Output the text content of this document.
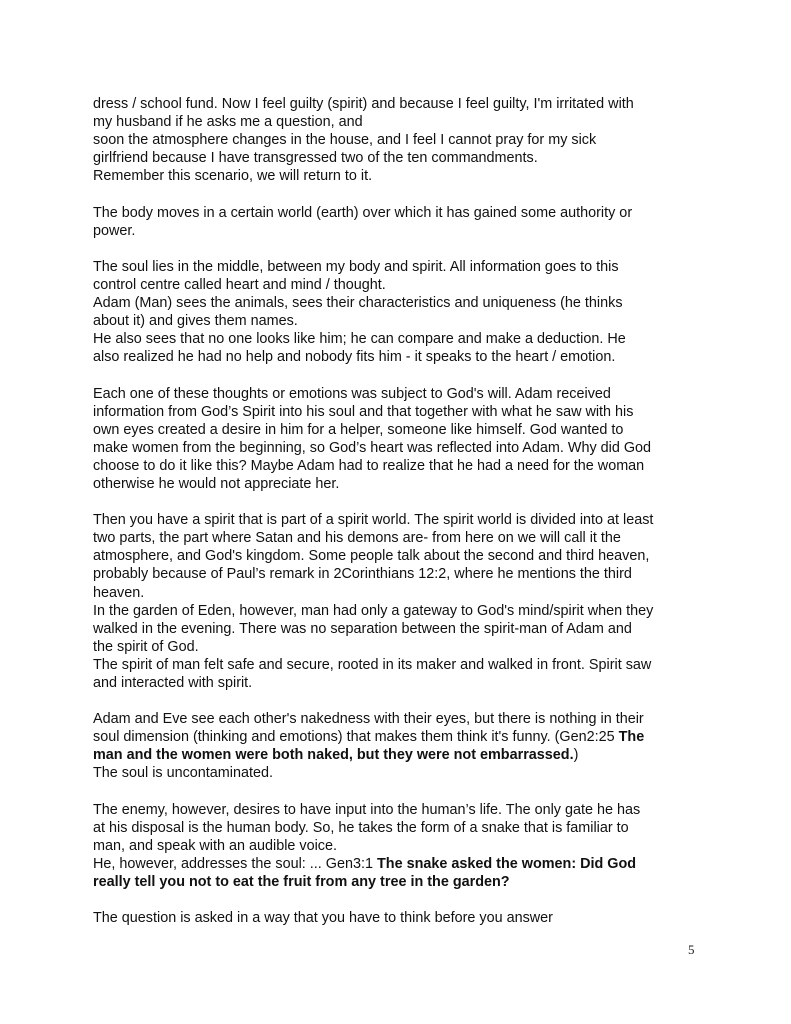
dress / school fund. Now I feel guilty (spirit) and because I feel guilty, I'm irritated with
my husband if he asks me a question, and
soon the atmosphere changes in the house, and I feel I cannot pray for my sick
girlfriend because I have transgressed two of the ten commandments.
Remember this scenario, we will return to it.
The body moves in a certain world (earth) over which it has gained some authority or
power.
The soul lies in the middle, between my body and spirit. All information goes to this
control centre called heart and mind / thought.
Adam (Man) sees the animals, sees their characteristics and uniqueness (he thinks
about it) and gives them names.
He also sees that no one looks like him; he can compare and make a deduction. He
also realized he had no help and nobody fits him - it speaks to the heart / emotion.
Each one of these thoughts or emotions was subject to God's will. Adam received
information from God’s Spirit into his soul and that together with what he saw with his
own eyes created a desire in him for a helper, someone like himself. God wanted to
make women from the beginning, so God’s heart was reflected into Adam. Why did God
choose to do it like this? Maybe Adam had to realize that he had a need for the woman
otherwise he would not appreciate her.
Then you have a spirit that is part of a spirit world. The spirit world is divided into at least
two parts, the part where Satan and his demons are- from here on we will call it the
atmosphere, and God's kingdom. Some people talk about the second and third heaven,
probably because of Paul’s remark in 2Corinthians 12:2, where he mentions the third
heaven.
In the garden of Eden, however, man had only a gateway to God's mind/spirit when they
walked in the evening. There was no separation between the spirit-man of Adam and
the spirit of God.
The spirit of man felt safe and secure, rooted in its maker and walked in front. Spirit saw
and interacted with spirit.
Adam and Eve see each other's nakedness with their eyes, but there is nothing in their
soul dimension (thinking and emotions) that makes them think it's funny. (Gen2:25 The
man and the women were both naked, but they were not embarrassed.)
The soul is uncontaminated.
The enemy, however, desires to have input into the human’s life. The only gate he has
at his disposal is the human body. So, he takes the form of a snake that is familiar to
man, and speak with an audible voice.
He, however, addresses the soul: ... Gen3:1 The snake asked the women: Did God
really tell you not to eat the fruit from any tree in the garden?
The question is asked in a way that you have to think before you answer
5
